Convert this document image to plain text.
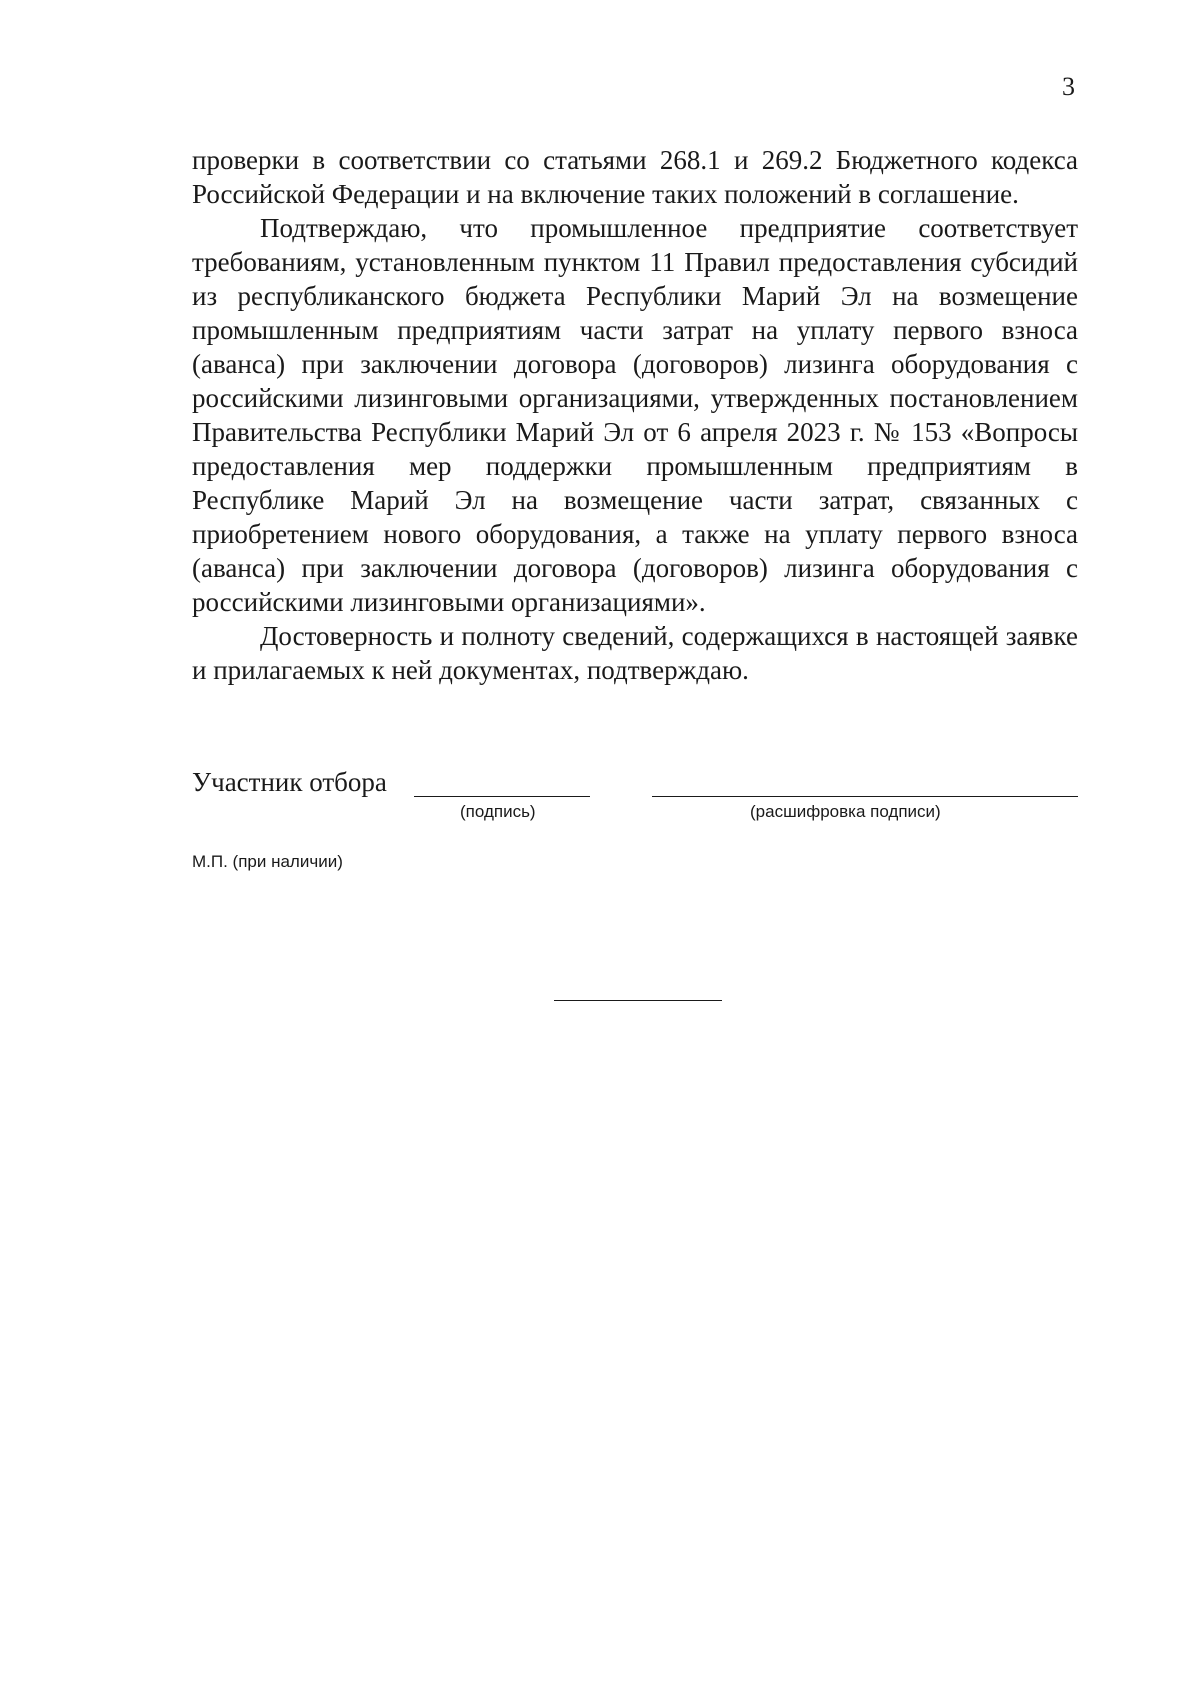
3

проверки в соответствии со статьями 268.1 и 269.2 Бюджетного кодекса Российской Федерации и на включение таких положений в соглашение.

Подтверждаю, что промышленное предприятие соответствует требованиям, установленным пунктом 11 Правил предоставления субсидий из республиканского бюджета Республики Марий Эл на возмещение промышленным предприятиям части затрат на уплату первого взноса (аванса) при заключении договора (договоров) лизинга оборудования с российскими лизинговыми организациями, утвержденных постановлением Правительства Республики Марий Эл от 6 апреля 2023 г. № 153 «Вопросы предоставления мер поддержки промышленным предприятиям в Республике Марий Эл на возмещение части затрат, связанных с приобретением нового оборудования, а также на уплату первого взноса (аванса) при заключении договора (договоров) лизинга оборудования с российскими лизинговыми организациями».

Достоверность и полноту сведений, содержащихся в настоящей заявке и прилагаемых к ней документах, подтверждаю.

Участник отбора
(подпись)	(расшифровка подписи)
М.П. (при наличии)
